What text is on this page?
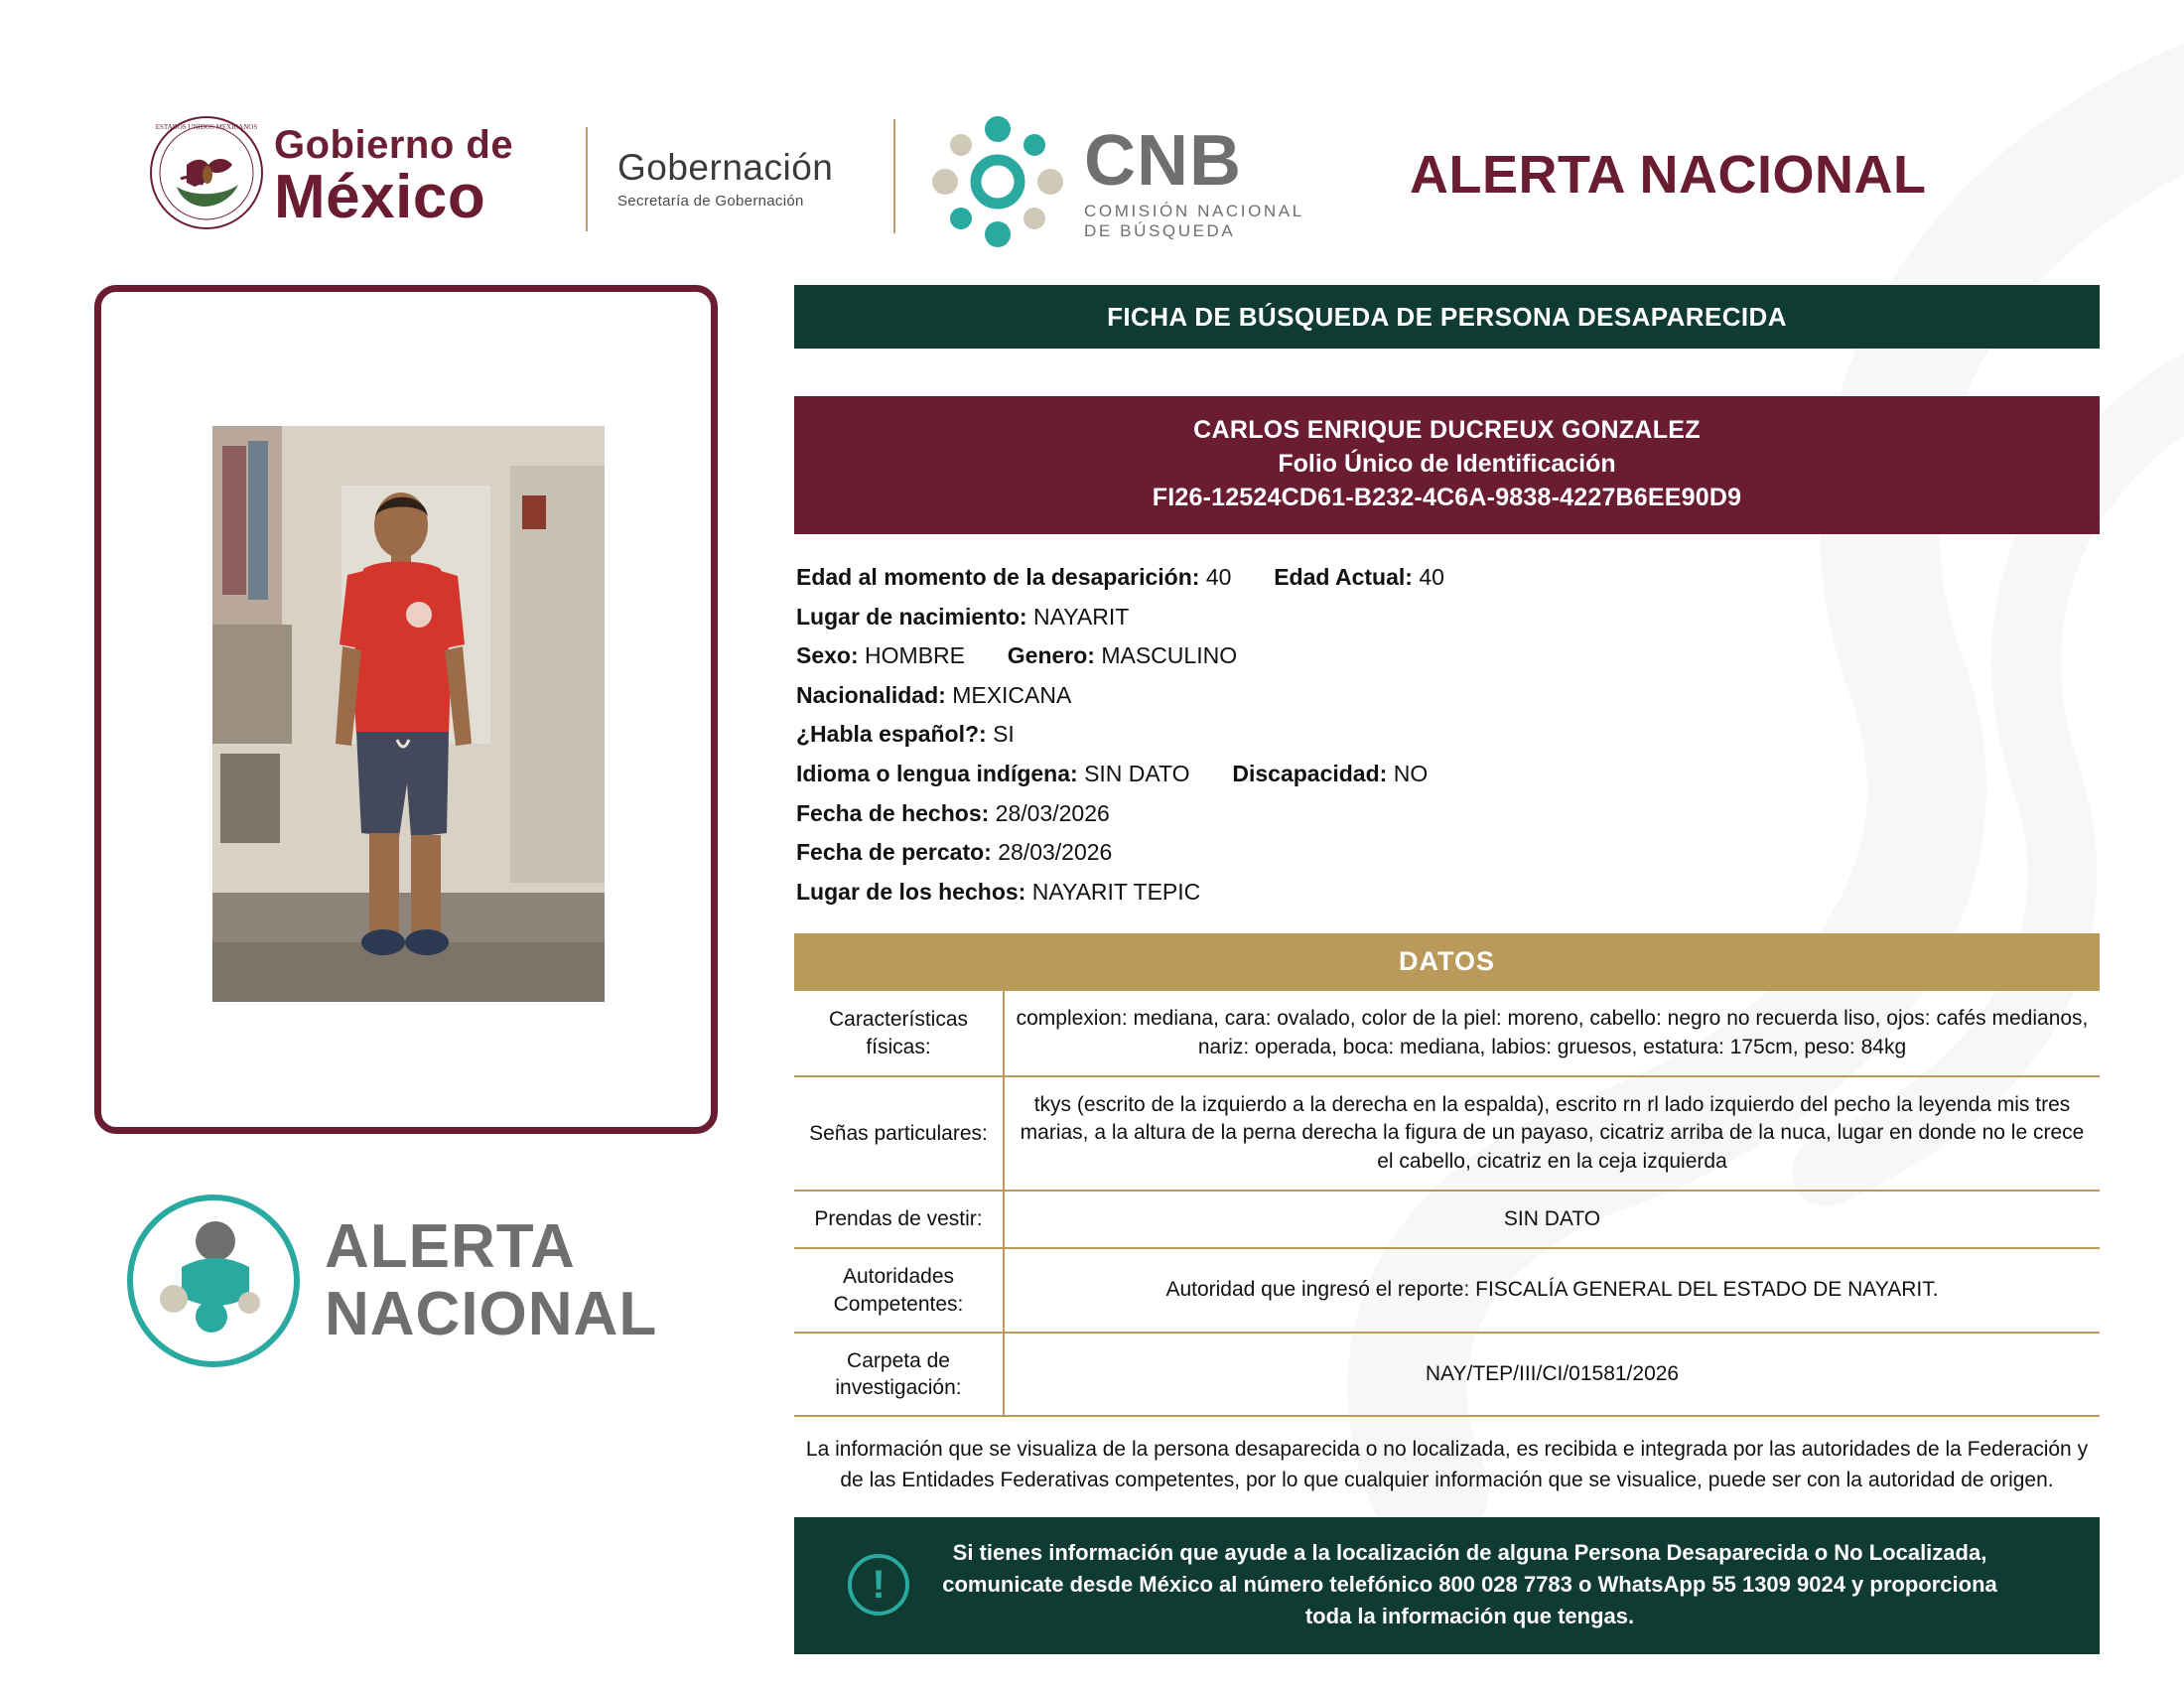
ESTADOS UNIDOS MEXICANOS Gobierno de
México	Gobernación
Secretaría de Gobernación
CNB
COMISIÓN NACIONAL
DE BÚSQUEDA
ALERTA NACIONAL
ALERTA
NACIONAL
FICHA DE BÚSQUEDA DE PERSONA DESAPARECIDA
CARLOS ENRIQUE DUCREUX GONZALEZ
Folio Único de Identificación
FI26-12524CD61-B232-4C6A-9838-4227B6EE90D9
Edad al momento de la desaparición: 40 Edad Actual: 40
Lugar de nacimiento: NAYARIT
Sexo: HOMBRE Genero: MASCULINO
Nacionalidad: MEXICANA
¿Habla español?: SI
Idioma o lengua indígena: SIN DATO Discapacidad: NO
Fecha de hechos: 28/03/2026
Fecha de percato: 28/03/2026
Lugar de los hechos: NAYARIT TEPIC
DATOS
Características físicas:	complexion: mediana, cara: ovalado, color de la piel: moreno, cabello: negro no recuerda liso, ojos: cafés medianos, nariz: operada, boca: mediana, labios: gruesos, estatura: 175cm, peso: 84kg
Señas particulares:	tkys (escrito de la izquierdo a la derecha en la espalda), escrito rn rl lado izquierdo del pecho la leyenda mis tres marias, a la altura de la perna derecha la figura de un payaso, cicatriz arriba de la nuca, lugar en donde no le crece el cabello, cicatriz en la ceja izquierda
Prendas de vestir:	SIN DATO
Autoridades Competentes:	Autoridad que ingresó el reporte: FISCALÍA GENERAL DEL ESTADO DE NAYARIT.
Carpeta de investigación:	NAY/TEP/III/CI/01581/2026
La información que se visualiza de la persona desaparecida o no localizada, es recibida e integrada por las autoridades de la Federación y de las Entidades Federativas competentes, por lo que cualquier información que se visualice, puede ser con la autoridad de origen.
!
Si tienes información que ayude a la localización de alguna Persona Desaparecida o No Localizada, comunicate desde México al número telefónico 800 028 7783 o WhatsApp 55 1309 9024 y proporciona toda la información que tengas.
